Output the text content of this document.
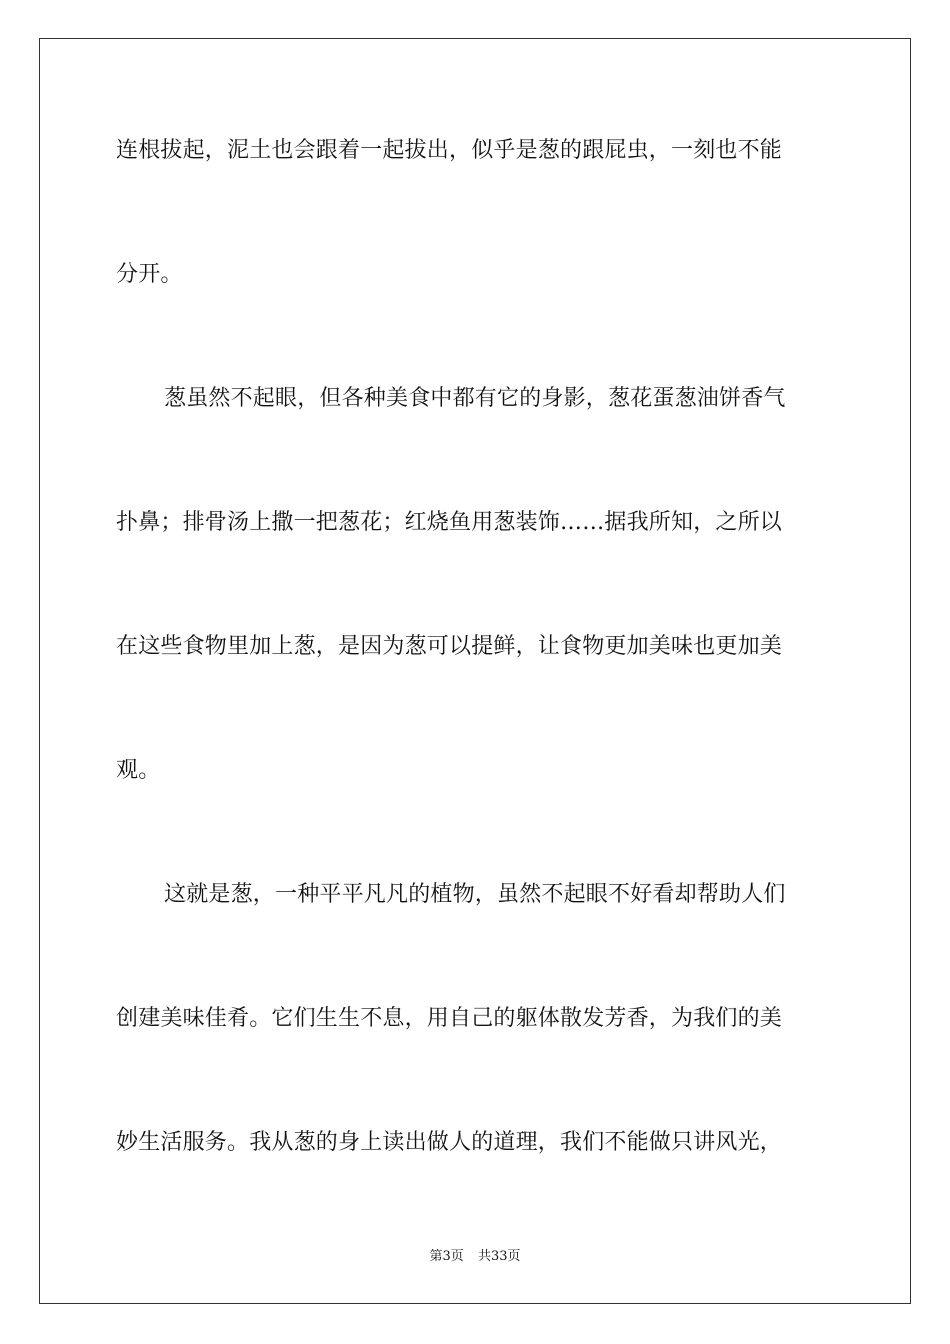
连根拔起，泥土也会跟着一起拔出，似乎是葱的跟屁虫，一刻也不能
分开。
葱虽然不起眼，但各种美食中都有它的身影，葱花蛋葱油饼香气
扑鼻；排骨汤上撒一把葱花；红烧鱼用葱装饰……据我所知，之所以
在这些食物里加上葱，是因为葱可以提鲜，让食物更加美味也更加美
观。
这就是葱，一种平平凡凡的植物，虽然不起眼不好看却帮助人们
创建美味佳肴。它们生生不息，用自己的躯体散发芳香，为我们的美
妙生活服务。我从葱的身上读出做人的道理，我们不能做只讲风光，
第3页 共33页
